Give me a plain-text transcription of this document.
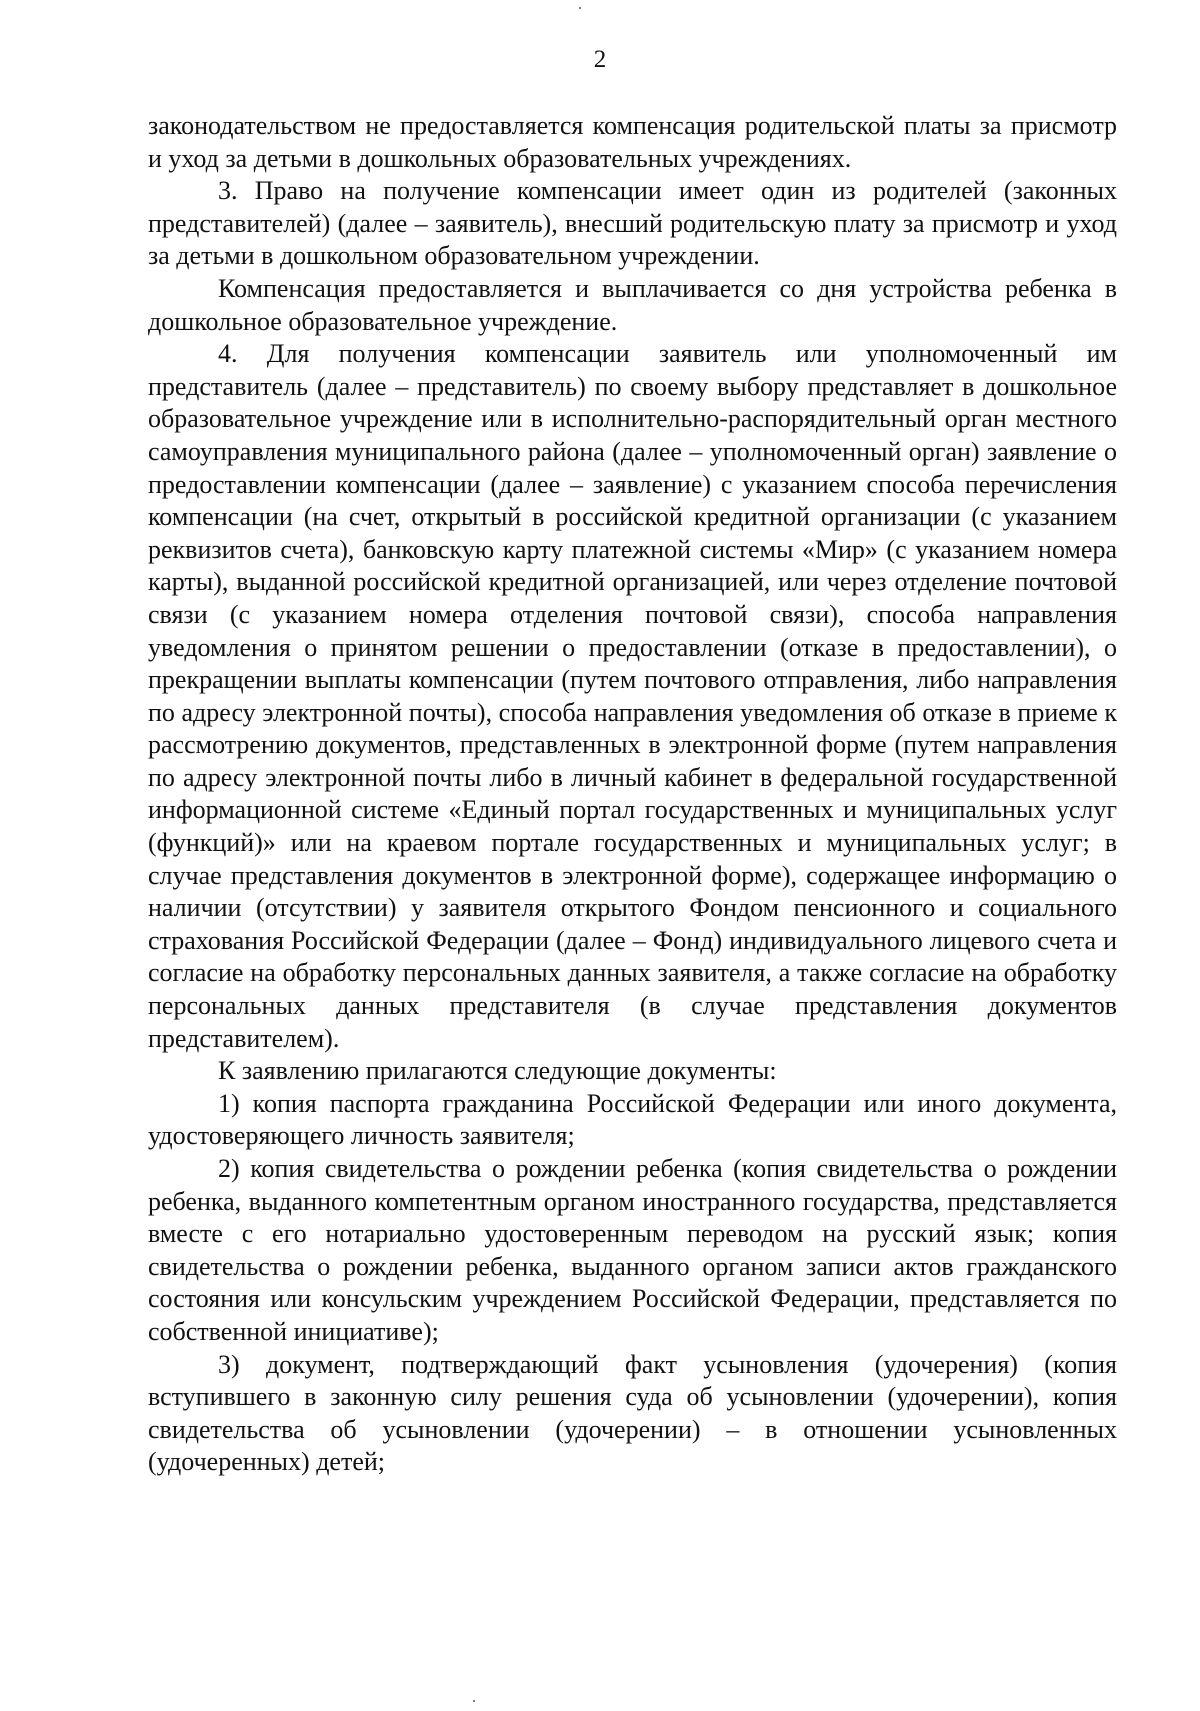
2

законодательством не предоставляется компенсация родительской платы за присмотр и уход за детьми в дошкольных образовательных учреждениях.

3. Право на получение компенсации имеет один из родителей (законных представителей) (далее – заявитель), внесший родительскую плату за присмотр и уход за детьми в дошкольном образовательном учреждении.

Компенсация предоставляется и выплачивается со дня устройства ребенка в дошкольное образовательное учреждение.

4. Для получения компенсации заявитель или уполномоченный им представитель (далее – представитель) по своему выбору представляет в дошкольное образовательное учреждение или в исполнительно-распорядительный орган местного самоуправления муниципального района (далее – уполномоченный орган) заявление о предоставлении компенсации (далее – заявление) с указанием способа перечисления компенсации (на счет, открытый в российской кредитной организации (с указанием реквизитов счета), банковскую карту платежной системы «Мир» (с указанием номера карты), выданной российской кредитной организацией, или через отделение почтовой связи (с указанием номера отделения почтовой связи), способа направления уведомления о принятом решении о предоставлении (отказе в предоставлении), о прекращении выплаты компенсации (путем почтового отправления, либо направления по адресу электронной почты), способа направления уведомления об отказе в приеме к рассмотрению документов, представленных в электронной форме (путем направления по адресу электронной почты либо в личный кабинет в федеральной государственной информационной системе «Единый портал государственных и муниципальных услуг (функций)» или на краевом портале государственных и муниципальных услуг; в случае представления документов в электронной форме), содержащее информацию о наличии (отсутствии) у заявителя открытого Фондом пенсионного и социального страхования Российской Федерации (далее – Фонд) индивидуального лицевого счета и согласие на обработку персональных данных заявителя, а также согласие на обработку персональных данных представителя (в случае представления документов представителем).

К заявлению прилагаются следующие документы:

1) копия паспорта гражданина Российской Федерации или иного документа, удостоверяющего личность заявителя;

2) копия свидетельства о рождении ребенка (копия свидетельства о рождении ребенка, выданного компетентным органом иностранного государства, представляется вместе с его нотариально удостоверенным переводом на русский язык; копия свидетельства о рождении ребенка, выданного органом записи актов гражданского состояния или консульским учреждением Российской Федерации, представляется по собственной инициативе);

3) документ, подтверждающий факт усыновления (удочерения) (копия вступившего в законную силу решения суда об усыновлении (удочерении), копия свидетельства об усыновлении (удочерении) – в отношении усыновленных (удочеренных) детей;
